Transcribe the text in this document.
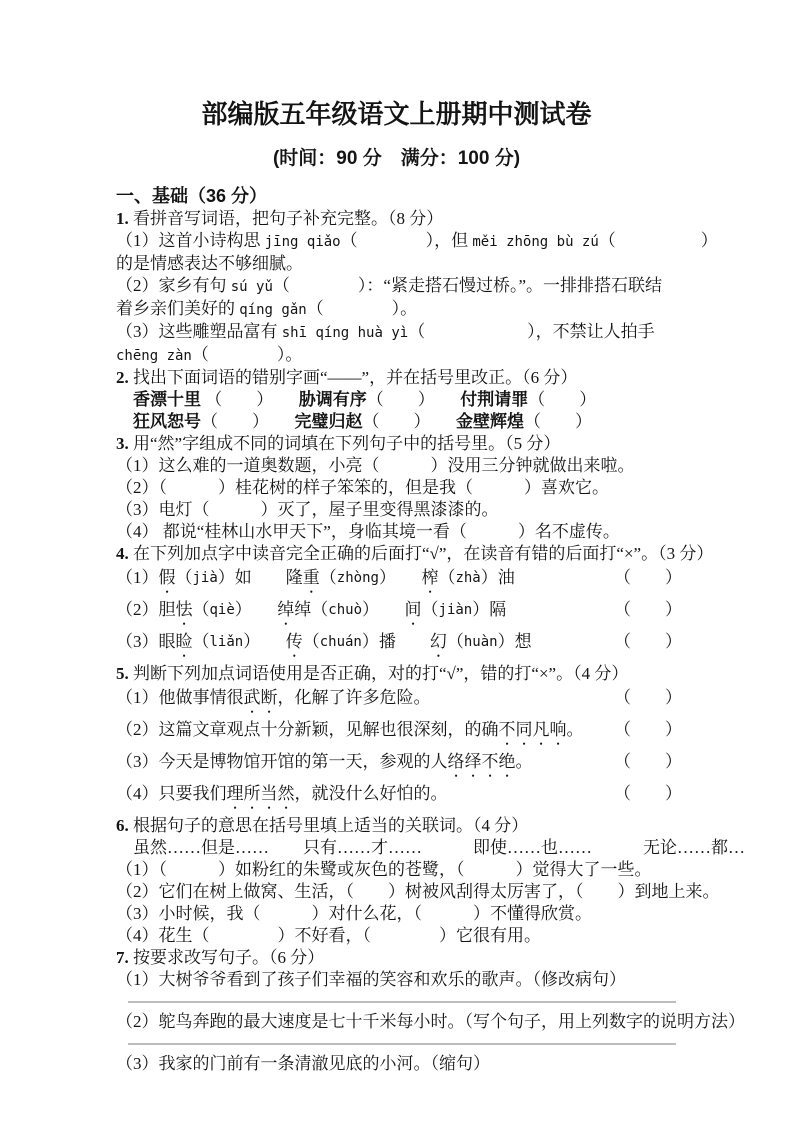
部编版五年级语文上册期中测试卷
(时间：90 分　满分：100 分)
一、基础（36 分）
1. 看拼音写词语，把句子补充完整。（8 分）
（1）这首小诗构思 jīng qiǎo（　　　　），但 měi zhōng bù zú（　　　　　）
的是情感表达不够细腻。
（2）家乡有句 sú yǔ（　　　　）：“紧走搭石慢过桥。”。一排排搭石联结
着乡亲们美好的 qíng gǎn（　　　　）。
（3）这些雕塑品富有 shī qíng huà yì（　　　　　　），不禁让人拍手
chēng zàn（　　　　）。
2. 找出下面词语的错别字画“——”，并在括号里改正。（6 分）
　香漂十里 （　　）　　胁调有序（　　）　　付荆请罪（　　）
　狂风恕号（　　）　　完璧归赵（　　）　　金壁辉煌（　　）
3. 用“然”字组成不同的词填在下列句子中的括号里。（5 分）
（1）这么难的一道奥数题，小亮（　　　）没用三分钟就做出来啦。
（2）（　　　）桂花树的样子笨笨的，但是我（　　　）喜欢它。
（3）电灯（　　　）灭了，屋子里变得黑漆漆的。
（4） 都说“桂林山水甲天下”，身临其境一看（　　　）名不虚传。
4. 在下列加点字中读音完全正确的后面打“√”，在读音有错的后面打“×”。（3 分）
（1） 假 （ jià ）如　　 隆 重 （ zhòng ）　　 榨 （ zhà ）油	（　　）
（2）胆 怯 （ qiè ）　　 绰 绰（ chuò ）　　 间 （ jiàn ）隔	（　　）
（3）眼 睑 （ liǎn ）　　 传 （ chuán ）播　　 幻 （ huàn ）想	（　　）
5. 判断下列加点词语使用是否正确，对的打“√”，错的打“×”。（4 分）
（1）他做事情很 武断 ，化解了许多危险。	（　　）
（2）这篇文章观点十分新颖，见解也很深刻，的确 不同凡响 。 （　　）
（3）今天是博物馆开馆的第一天，参观的人 络绎不绝 。	（　　）
（4）只要我们 理所当然 ，就没什么好怕的。	（　　）
6. 根据句子的意思在括号里填上适当的关联词。（4 分）
　虽然……但是……　　只有……才……　　　即使……也……　　　无论……都…
（1）（　　　）如粉红的朱鹭或灰色的苍鹭，（　　　）觉得大了一些。
（2）它们在树上做窝、生活，（　　）树被风刮得太厉害了，（　　）到地上来。
（3）小时候，我（　　　）对什么花，（　　　）不懂得欣赏。
（4）花生（　　　　）不好看，（　　　　）它很有用。
7. 按要求改写句子。（6 分）
（1）大树爷爷看到了孩子们幸福的笑容和欢乐的歌声。（修改病句）
（2）鸵鸟奔跑的最大速度是七十千米每小时。（写个句子，用上列数字的说明方法）
（3）我家的门前有一条清澈见底的小河。（缩句）
